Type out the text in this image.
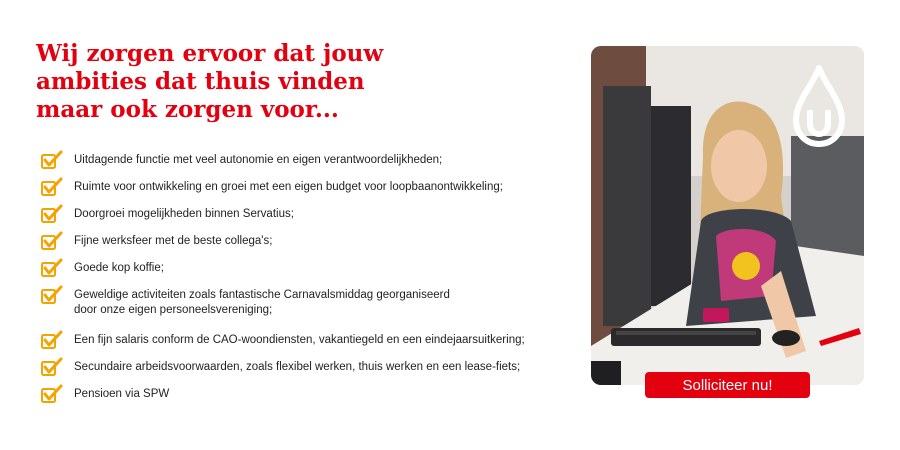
Wij zorgen ervoor dat jouw
ambities dat thuis vinden
maar ook zorgen voor...
Uitdagende functie met veel autonomie en eigen verantwoordelijkheden;
Ruimte voor ontwikkeling en groei met een eigen budget voor loopbaanontwikkeling;
Doorgroei mogelijkheden binnen Servatius;
Fijne werksfeer met de beste collega's;
Goede kop koffie;
Geweldige activiteiten zoals fantastische Carnavalsmiddag georganiseerd
door onze eigen personeelsvereniging;
Een fijn salaris conform de CAO-woondiensten, vakantiegeld en een eindejaarsuitkering;
Secundaire arbeidsvoorwaarden, zoals flexibel werken, thuis werken en een lease-fiets;
Pensioen via SPW
Solliciteer nu!
